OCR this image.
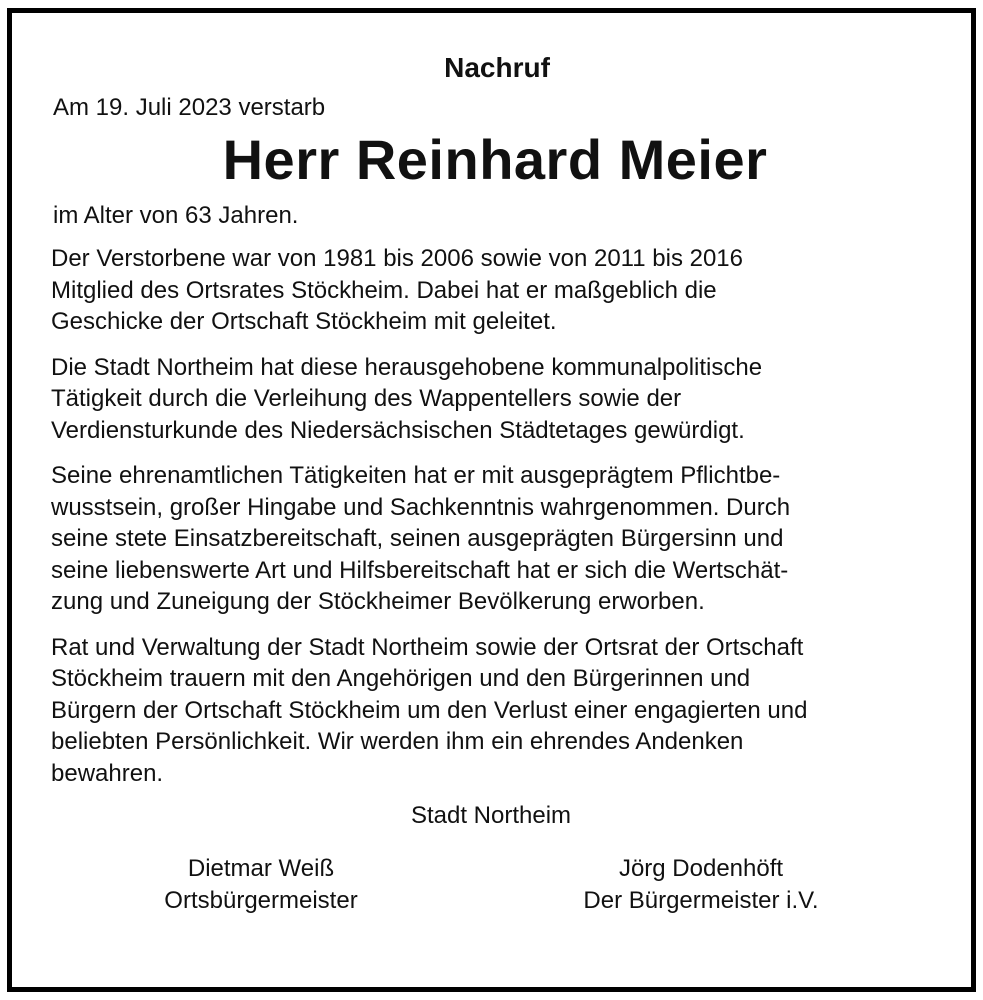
Nachruf
Am 19. Juli 2023 verstarb
Herr Reinhard Meier
im Alter von 63 Jahren.
Der Verstorbene war von 1981 bis 2006 sowie von 2011 bis 2016
Mitglied des Ortsrates Stöckheim. Dabei hat er maßgeblich die
Geschicke der Ortschaft Stöckheim mit geleitet.
Die Stadt Northeim hat diese herausgehobene kommunalpolitische
Tätigkeit durch die Verleihung des Wappentellers sowie der
Verdiensturkunde des Niedersächsischen Städtetages gewürdigt.
Seine ehrenamtlichen Tätigkeiten hat er mit ausgeprägtem Pflichtbe-
wusstsein, großer Hingabe und Sachkenntnis wahrgenommen. Durch
seine stete Einsatzbereitschaft, seinen ausgeprägten Bürgersinn und
seine liebenswerte Art und Hilfsbereitschaft hat er sich die Wertschät-
zung und Zuneigung der Stöckheimer Bevölkerung erworben.
Rat und Verwaltung der Stadt Northeim sowie der Ortsrat der Ortschaft
Stöckheim trauern mit den Angehörigen und den Bürgerinnen und
Bürgern der Ortschaft Stöckheim um den Verlust einer engagierten und
beliebten Persönlichkeit. Wir werden ihm ein ehrendes Andenken
bewahren.
Stadt Northeim
Dietmar Weiß
Ortsbürgermeister
Jörg Dodenhöft
Der Bürgermeister i.V.
